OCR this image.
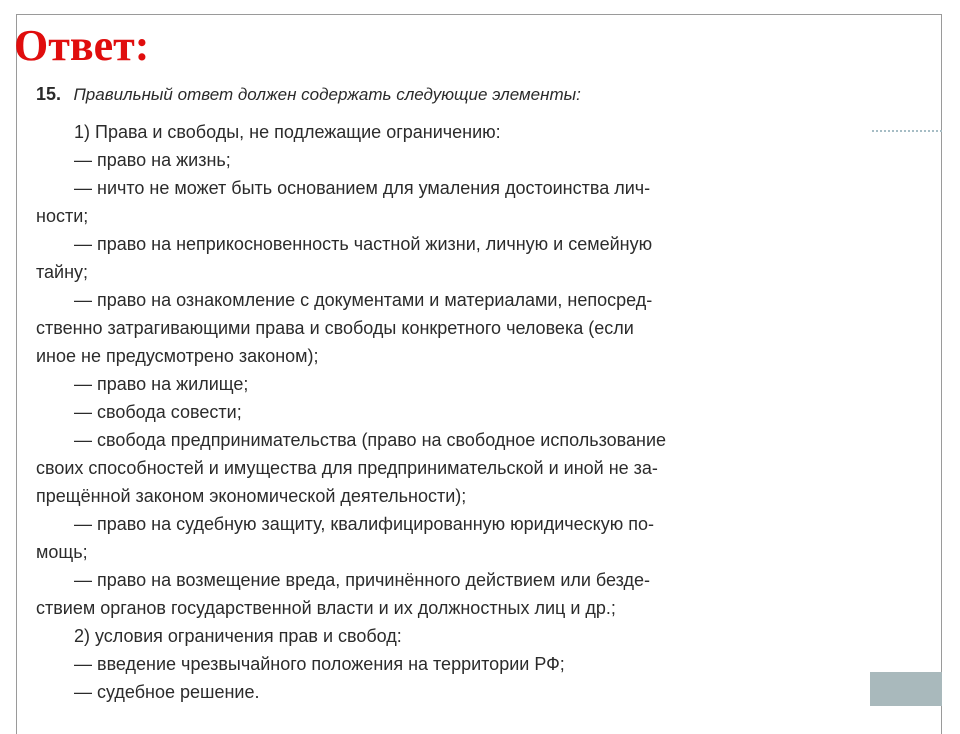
Ответ:
15. Правильный ответ должен содержать следующие элементы:
1) Права и свободы, не подлежащие ограничению:
— право на жизнь;
— ничто не может быть основанием для умаления достоинства лич-
ности;
— право на неприкосновенность частной жизни, личную и семейную
тайну;
— право на ознакомление с документами и материалами, непосред-
ственно затрагивающими права и свободы конкретного человека (если
иное не предусмотрено законом);
— право на жилище;
— свобода совести;
— свобода предпринимательства (право на свободное использование
своих способностей и имущества для предпринимательской и иной не за-
прещённой законом экономической деятельности);
— право на судебную защиту, квалифицированную юридическую по-
мощь;
— право на возмещение вреда, причинённого действием или безде-
ствием органов государственной власти и их должностных лиц и др.;
2) условия ограничения прав и свобод:
— введение чрезвычайного положения на территории РФ;
— судебное решение.
